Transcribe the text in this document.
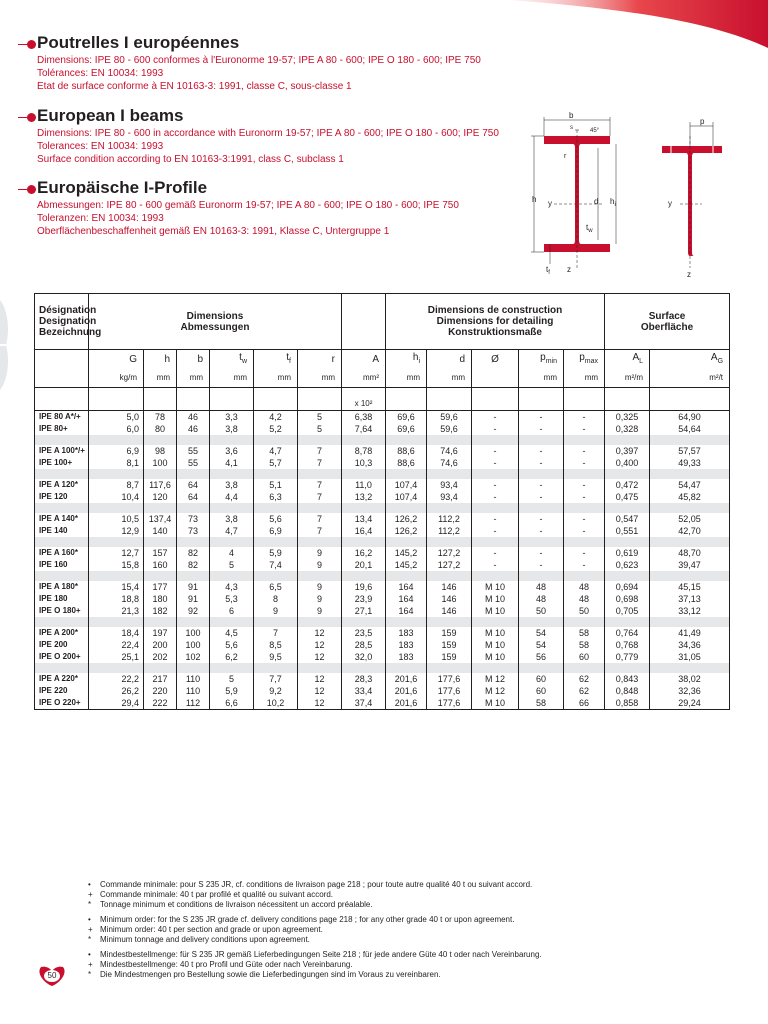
Poutrelles I européennes
Dimensions: IPE 80 - 600 conformes à l'Euronorme 19-57; IPE A 80 - 600; IPE O 180 - 600; IPE 750
Tolérances: EN 10034: 1993
Etat de surface conforme à EN 10163-3: 1991, classe C, sous-classe 1
European I beams
Dimensions: IPE 80 - 600 in accordance with Euronorm 19-57; IPE A 80 - 600; IPE O 180 - 600; IPE 750
Tolerances: EN 10034: 1993
Surface condition according to EN 10163-3:1991, class C, subclass 1
Europäische I-Profile
Abmessungen: IPE 80 - 600 gemäß Euronorm 19-57; IPE A 80 - 600; IPE O 180 - 600; IPE 750
Toleranzen: EN 10034: 1993
Oberflächenbeschaffenheit gemäß EN 10163-3: 1991, Klasse C, Untergruppe 1
b
s	45°
h
r
y	d $h_i$
$t_w$
$t_f$ z
p
y
z
Désignation
Designation
Bezeichnung	Dimensions
Abmessungen							Dimensions de construction
Dimensions for detailing
Konstruktionsmaße					Surface
Oberfläche	
	G	h	b	$t_w$	$t_f$	r	A	$h_i$	d	Ø	$p_{min}$	$p_{max}$	$A_L$	$A_G$
	kg/m	mm	mm	mm	mm	mm	mm²	mm	mm		mm	mm	m²/m	m²/t

							x 10²							
IPE 80 A*/+	5,0	78	46	3,3	4,2	5	6,38	69,6	59,6	-	-	-	0,325	64,90
IPE 80+	6,0	80	46	3,8	5,2	5	7,64	69,6	59,6	-	-	-	0,328	54,64

IPE A 100*/+	6,9	98	55	3,6	4,7	7	8,78	88,6	74,6	-	-	-	0,397	57,57
IPE 100+	8,1	100	55	4,1	5,7	7	10,3	88,6	74,6	-	-	-	0,400	49,33

IPE A 120*	8,7	117,6	64	3,8	5,1	7	11,0	107,4	93,4	-	-	-	0,472	54,47
IPE 120	10,4	120	64	4,4	6,3	7	13,2	107,4	93,4	-	-	-	0,475	45,82

IPE A 140*	10,5	137,4	73	3,8	5,6	7	13,4	126,2	112,2	-	-	-	0,547	52,05
IPE 140	12,9	140	73	4,7	6,9	7	16,4	126,2	112,2	-	-	-	0,551	42,70

IPE A 160*	12,7	157	82	4	5,9	9	16,2	145,2	127,2	-	-	-	0,619	48,70
IPE 160	15,8	160	82	5	7,4	9	20,1	145,2	127,2	-	-	-	0,623	39,47

IPE A 180*	15,4	177	91	4,3	6,5	9	19,6	164	146	M 10	48	48	0,694	45,15
IPE 180	18,8	180	91	5,3	8	9	23,9	164	146	M 10	48	48	0,698	37,13
IPE O 180+	21,3	182	92	6	9	9	27,1	164	146	M 10	50	50	0,705	33,12

IPE A 200*	18,4	197	100	4,5	7	12	23,5	183	159	M 10	54	58	0,764	41,49
IPE 200	22,4	200	100	5,6	8,5	12	28,5	183	159	M 10	54	58	0,768	34,36
IPE O 200+	25,1	202	102	6,2	9,5	12	32,0	183	159	M 10	56	60	0,779	31,05

IPE A 220*	22,2	217	110	5	7,7	12	28,3	201,6	177,6	M 12	60	62	0,843	38,02
IPE 220	26,2	220	110	5,9	9,2	12	33,4	201,6	177,6	M 12	60	62	0,848	32,36
IPE O 220+	29,4	222	112	6,6	10,2	12	37,4	201,6	177,6	M 10	58	66	0,858	29,24
•	Commande minimale: pour S 235 JR, cf. conditions de livraison page 218 ; pour toute autre qualité 40 t ou suivant accord.
+ Commande minimale: 40 t par profilé et qualité ou suivant accord.
*	Tonnage minimum et conditions de livraison nécessitent un accord préalable.
•	Minimum order: for the S 235 JR grade cf. delivery conditions page 218 ; for any other grade 40 t or upon agreement.
+ Minimum order: 40 t per section and grade or upon agreement.
*	Minimum tonnage and delivery conditions upon agreement.
•	Mindestbestellmenge: für S 235 JR gemäß Lieferbedingungen Seite 218 ; für jede andere Güte 40 t oder nach Vereinbarung.
+ Mindestbestellmenge: 40 t pro Profil und Güte oder nach Vereinbarung.
*	Die Mindestmengen pro Bestellung sowie die Lieferbedingungen sind im Voraus zu vereinbaren.
50
